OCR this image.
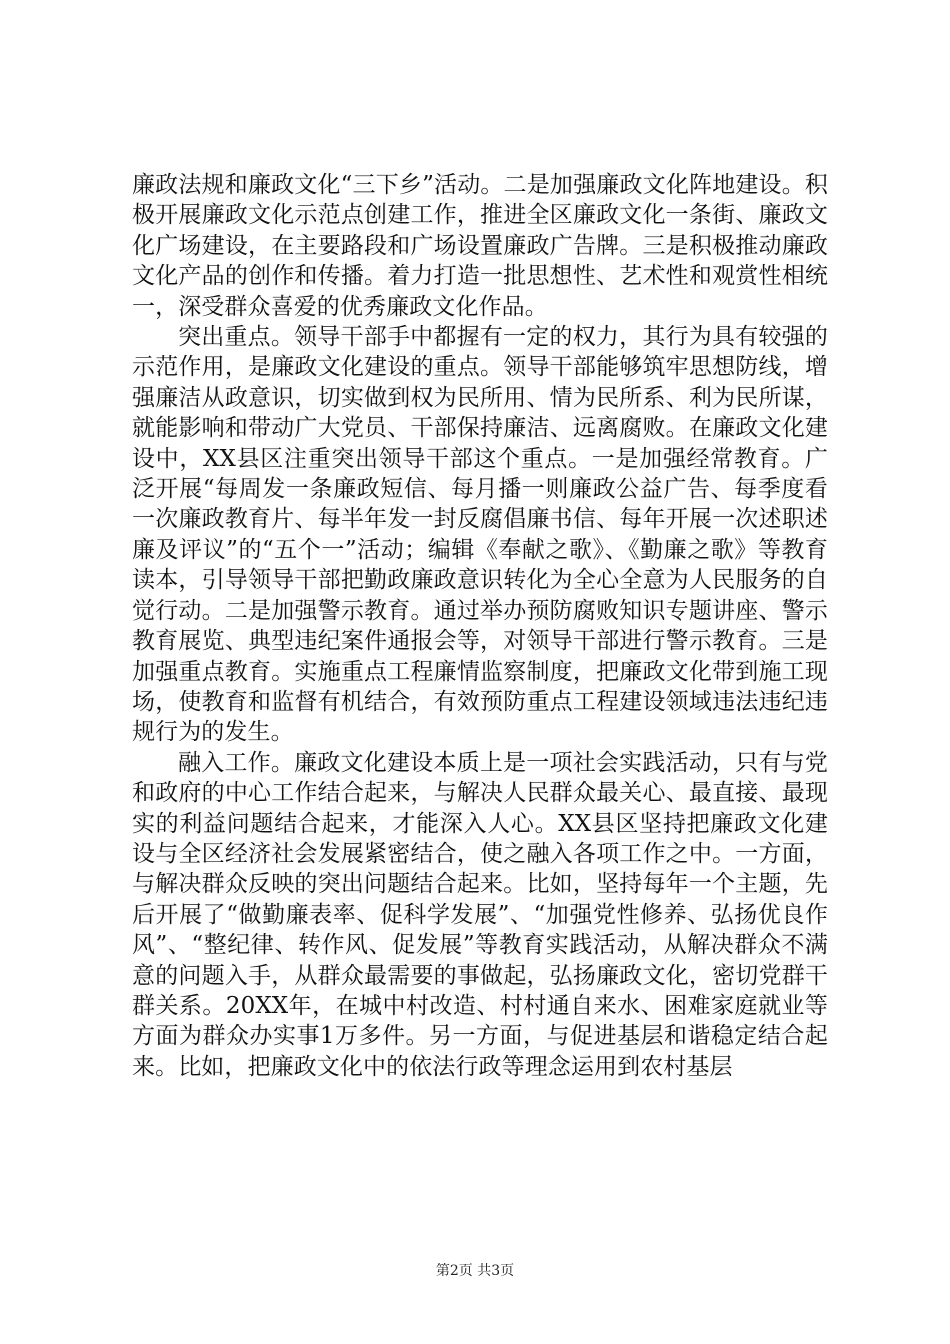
廉政法规和廉政文化“三下乡”活动。二是加强廉政文化阵地建设。积极开展廉政文化示范点创建工作，推进全区廉政文化一条街、廉政文化广场建设，在主要路段和广场设置廉政广告牌。三是积极推动廉政文化产品的创作和传播。着力打造一批思想性、艺术性和观赏性相统一，深受群众喜爱的优秀廉政文化作品。

突出重点。领导干部手中都握有一定的权力，其行为具有较强的示范作用，是廉政文化建设的重点。领导干部能够筑牢思想防线，增强廉洁从政意识，切实做到权为民所用、情为民所系、利为民所谋，就能影响和带动广大党员、干部保持廉洁、远离腐败。在廉政文化建设中，XX县区注重突出领导干部这个重点。一是加强经常教育。广泛开展“每周发一条廉政短信、每月播一则廉政公益广告、每季度看一次廉政教育片、每半年发一封反腐倡廉书信、每年开展一次述职述廉及评议”的“五个一”活动；编辑《奉献之歌》、《勤廉之歌》等教育读本，引导领导干部把勤政廉政意识转化为全心全意为人民服务的自觉行动。二是加强警示教育。通过举办预防腐败知识专题讲座、警示教育展览、典型违纪案件通报会等，对领导干部进行警示教育。三是加强重点教育。实施重点工程廉情监察制度，把廉政文化带到施工现场，使教育和监督有机结合，有效预防重点工程建设领域违法违纪违规行为的发生。

融入工作。廉政文化建设本质上是一项社会实践活动，只有与党和政府的中心工作结合起来，与解决人民群众最关心、最直接、最现实的利益问题结合起来，才能深入人心。XX县区坚持把廉政文化建设与全区经济社会发展紧密结合，使之融入各项工作之中。一方面，与解决群众反映的突出问题结合起来。比如，坚持每年一个主题，先后开展了“做勤廉表率、促科学发展”、“加强党性修养、弘扬优良作风”、“整纪律、转作风、促发展”等教育实践活动，从解决群众不满意的问题入手，从群众最需要的事做起，弘扬廉政文化，密切党群干群关系。20XX年，在城中村改造、村村通自来水、困难家庭就业等方面为群众办实事1万多件。另一方面，与促进基层和谐稳定结合起来。比如，把廉政文化中的依法行政等理念运用到农村基层

第2页 共3页
